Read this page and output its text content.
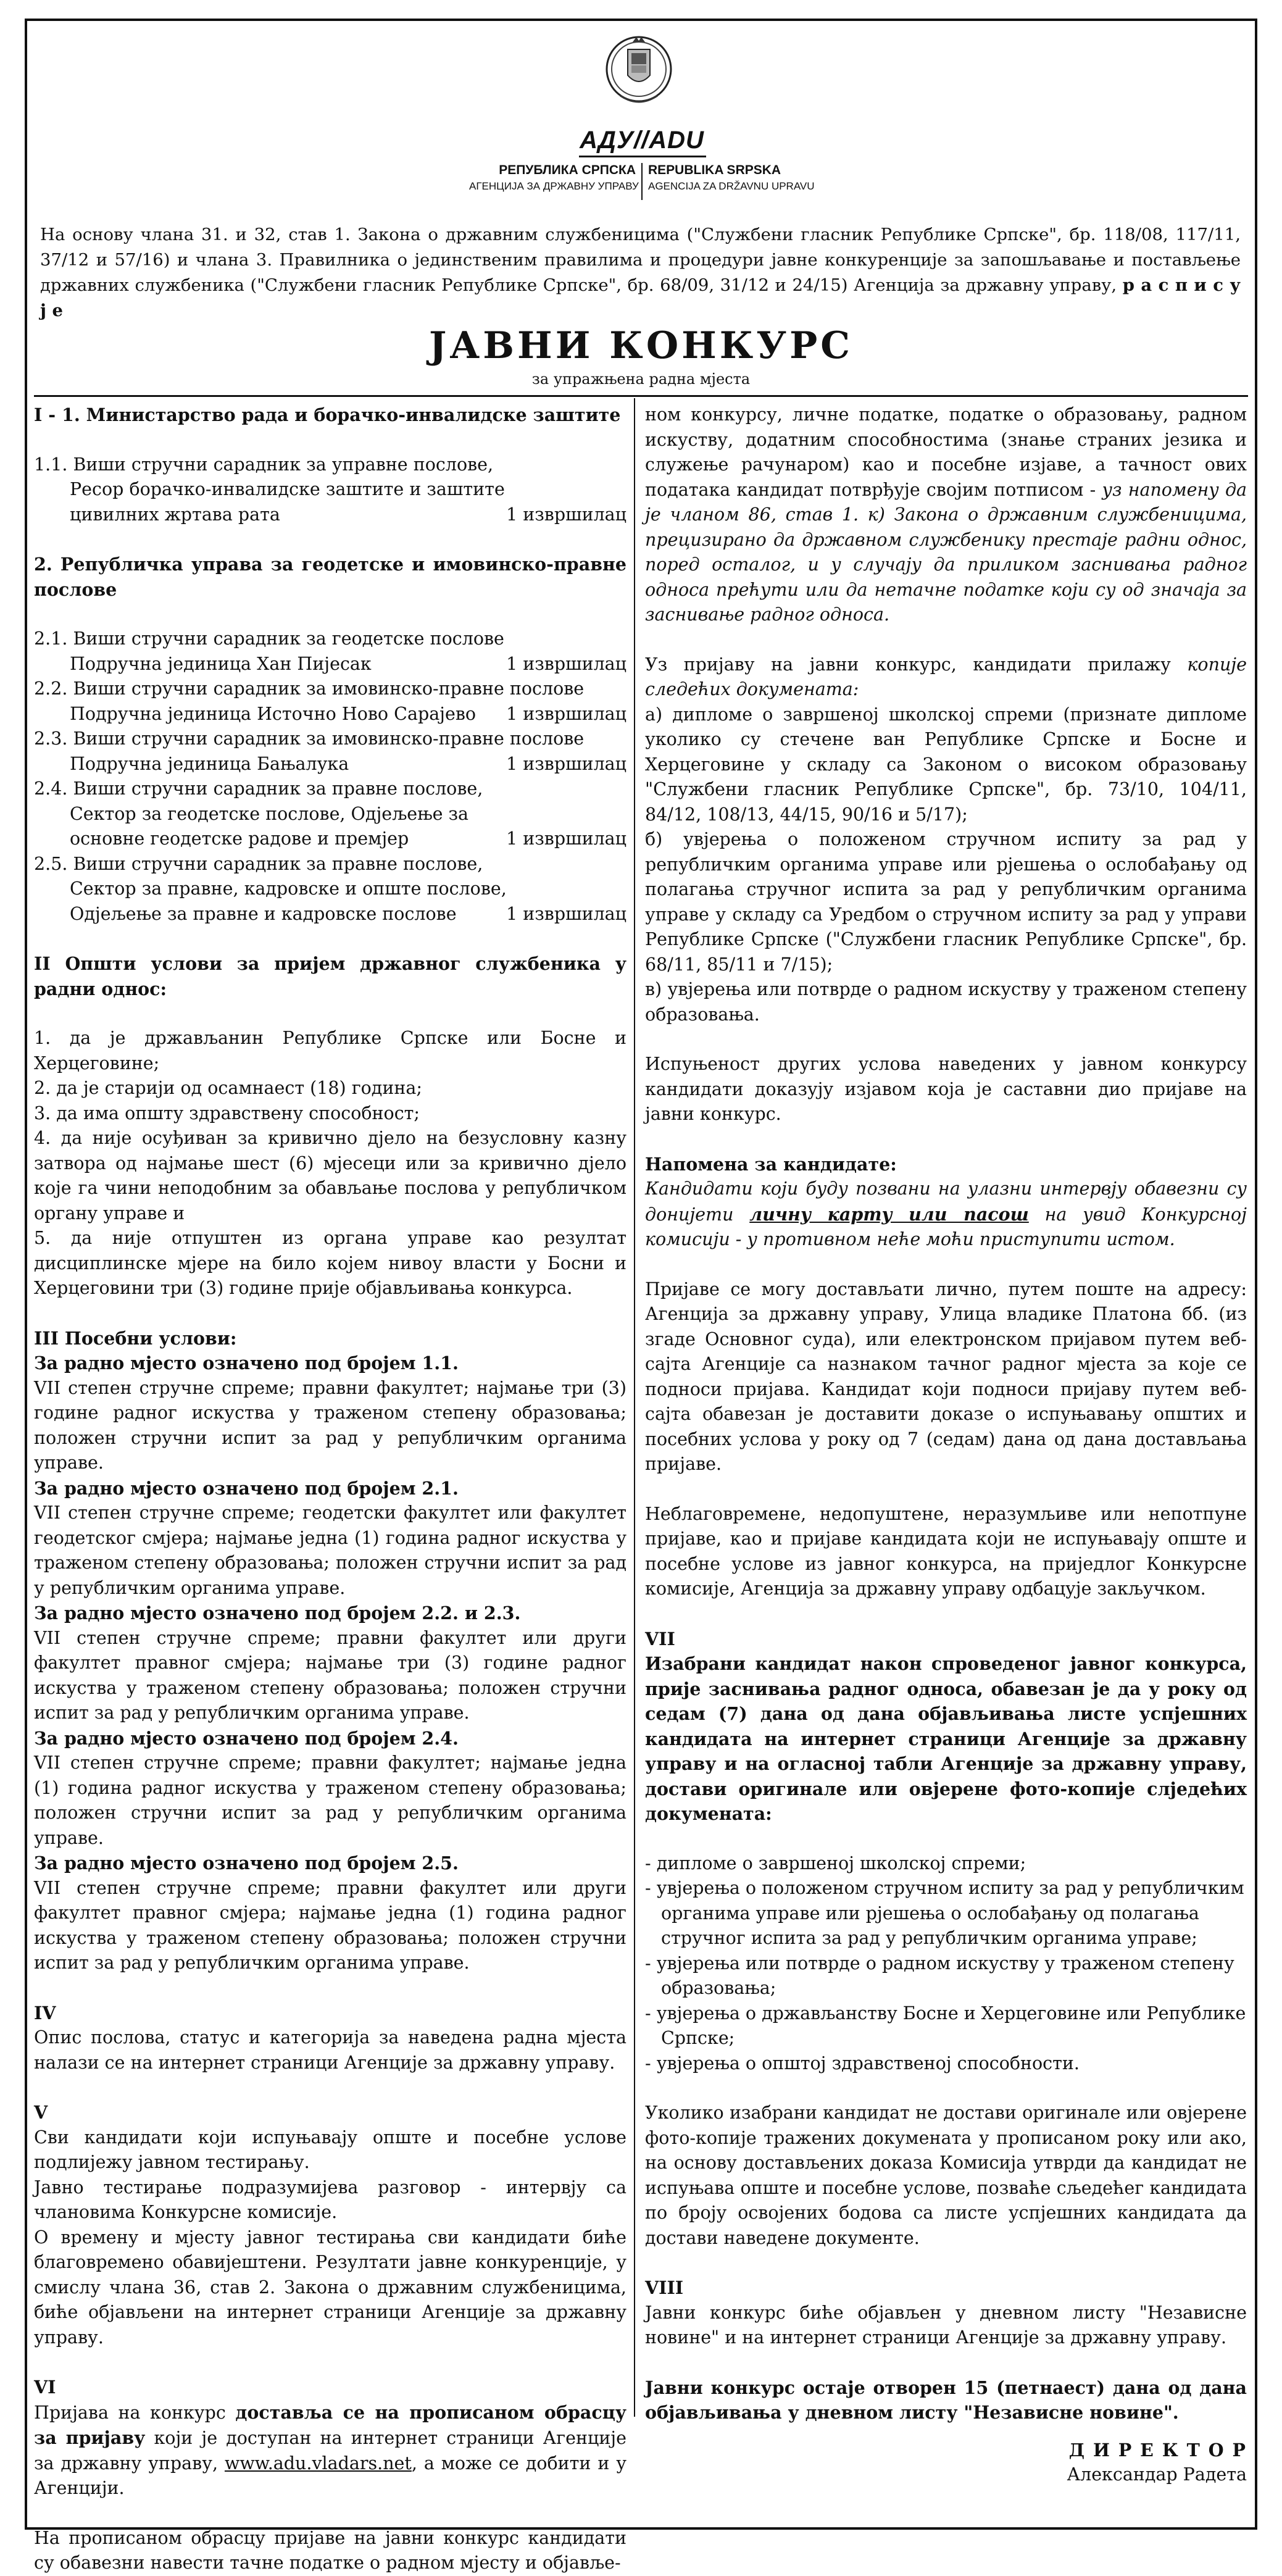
AДУ//ADU
РЕПУБЛИКА СРПСКА
АГЕНЦИЈА ЗА ДРЖАВНУ УПРАВУ
REPUBLIKA SRPSKA
AGENCIJA ZA DRŽAVNU UPRAVU
На основу члана 31. и 32, став 1. Закона о државним службеницима ("Службени гласник Републике Српске", бр. 118/08, 117/11, 37/12 и 57/16) и члана 3. Правилника о јединственим правилима и процедури јавне конкуренције за запошљавање и постављење државних службеника ("Службени гласник Републике Српске", бр. 68/09, 31/12 и 24/15) Агенција за државну управу, р а с п и с у ј е
ЈАВНИ КОНКУРС
за упражњена радна мјеста

I - 1. Министарство рада и борачко-инвалидске заштите

1.1. Виши стручни сарадник за управне послове,

Ресор борачко-инвалидске заштите и заштите

цивилних жртава рата	1 извршилац

2. Републичка управа за геодетске и имовинско-правне послове

2.1. Виши стручни сарадник за геодетске послове

Подручна јединица Хан Пијесак	1 извршилац

2.2. Виши стручни сарадник за имовинско-правне послове

Подручна јединица Источно Ново Сарајево 1 извршилац

2.3. Виши стручни сарадник за имовинско-правне послове

Подручна јединица Бањалука	1 извршилац

2.4. Виши стручни сарадник за правне послове,

Сектор за геодетске послове, Одјељење за

основне геодетске радове и премјер	1 извршилац

2.5. Виши стручни сарадник за правне послове,

Сектор за правне, кадровске и опште послове,

Одјељење за правне и кадровске послове	1 извршилац

II Општи услови за пријем државног службеника у радни однос:

1. да је држављанин Републике Српске или Босне и Херцеговине;

2. да је старији од осамнаест (18) година;

3. да има општу здравствену способност;

4. да није осуђиван за кривично дјело на безусловну казну затвора од најмање шест (6) мјесеци или за кривично дјело које га чини неподобним за обављање послова у републичком органу управе и

5. да није отпуштен из органа управе као резултат дисциплинске мјере на било којем нивоу власти у Босни и Херцеговини три (3) године прије објављивања конкурса.

III Посебни услови:

За радно мјесто означено под бројем 1.1.

VII степен стручне спреме; правни факултет; најмање три (3) године радног искуства у траженом степену образовања; положен стручни испит за рад у републичким органима управе.

За радно мјесто означено под бројем 2.1.

VII степен стручне спреме; геодетски факултет или факултет геодетског смјера; најмање једна (1) година радног искуства у траженом степену образовања; положен стручни испит за рад у републичким органима управе.

За радно мјесто означено под бројем 2.2. и 2.3.

VII степен стручне спреме; правни факултет или други факултет правног смјера; најмање три (3) године радног искуства у траженом степену образовања; положен стручни испит за рад у републичким органима управе.

За радно мјесто означено под бројем 2.4.

VII степен стручне спреме; правни факултет; најмање једна (1) година радног искуства у траженом степену образовања; положен стручни испит за рад у републичким органима управе.

За радно мјесто означено под бројем 2.5.

VII степен стручне спреме; правни факултет или други факултет правног смјера; најмање једна (1) година радног искуства у траженом степену образовања; положен стручни испит за рад у републичким органима управе.

IV

Опис послова, статус и категорија за наведена радна мјеста налази се на интернет страници Агенције за државну управу.

V

Сви кандидати који испуњавају опште и посебне услове подлијежу јавном тестирању.

Јавно тестирање подразумијева разговор - интервју са члановима Конкурсне комисије.

О времену и мјесту јавног тестирања сви кандидати биће благовремено обавијештени. Резултати јавне конкуренције, у смислу члана 36, став 2. Закона о државним службеницима, биће објављени на интернет страници Агенције за државну управу.

VI

Пријава на конкурс доставља се на прописаном обрасцу за пријаву који је доступан на интернет страници Агенције за државну управу, www.adu.vladars.net, а може се добити и у Агенцији.

На прописаном обрасцу пријаве на јавни конкурс кандидати су обавезни навести тачне податке о радном мјесту и објавље-

ном конкурсу, личне податке, податке о образовању, радном искуству, додатним способностима (знање страних језика и служење рачунаром) као и посебне изјаве, а тачност ових података кандидат потврђује својим потписом - уз напомену да је чланом 86, став 1. к) Закона о државним службеницима, прецизирано да државном службенику престаје радни однос, поред осталог, и у случају да приликом заснивања радног односа прећути или да нетачне податке који су од значаја за заснивање радног односа.

Уз пријаву на јавни конкурс, кандидати прилажу копије следећих докумената:

а) дипломе о завршеној школској спреми (признате дипломе уколико су стечене ван Републике Српске и Босне и Херцеговине у складу са Законом о високом образовању "Службени гласник Републике Српске", бр. 73/10, 104/11, 84/12, 108/13, 44/15, 90/16 и 5/17);

б) увјерења о положеном стручном испиту за рад у републичким органима управе или рјешења о ослобађању од полагања стручног испита за рад у републичким органима управе у складу са Уредбом о стручном испиту за рад у управи Републике Српске ("Службени гласник Републике Српске", бр. 68/11, 85/11 и 7/15);

в) увјерења или потврде о радном искуству у траженом степену образовања.

Испуњеност других услова наведених у јавном конкурсу кандидати доказују изјавом која је саставни дио пријаве на јавни конкурс.

Напомена за кандидате:

Кандидати који буду позвани на улазни интервју обавезни су донијети личну карту или пасош на увид Конкурсној комисији - у противном неће моћи приступити истом.

Пријаве се могу достављати лично, путем поште на адресу: Агенција за државну управу, Улица владике Платона бб. (из згаде Основног суда), или електронском пријавом путем веб-сајта Агенције са назнаком тачног радног мјеста за које се подноси пријава. Кандидат који подноси пријаву путем веб-сајта обавезан је доставити доказе о испуњавању општих и посебних услова у року од 7 (седам) дана од дана достављања пријаве.

Неблаговремене, недопуштене, неразумљиве или непотпуне пријаве, као и пријаве кандидата који не испуњавају опште и посебне услове из јавног конкурса, на приједлог Конкурсне комисије, Агенција за државну управу одбацује закључком.

VII

Изабрани кандидат након спроведеног јавног конкурса, прије заснивања радног односа, обавезан је да у року од седам (7) дана од дана објављивања листе успјешних кандидата на интернет страници Агенције за државну управу и на огласној табли Агенције за државну управу, достави оригинале или овјерене фото-копије слједећих докумената:

- дипломе о завршеној школској спреми;

- увјерења о положеном стручном испиту за рад у републичким органима управе или рјешења о ослобађању од полагања стручног испита за рад у републичким органима управе;

- увјерења или потврде о радном искуству у траженом степену образовања;

- увјерења о држављанству Босне и Херцеговине или Републике Српске;

- увјерења о општој здравственој способности.

Уколико изабрани кандидат не достави оригинале или овјерене фото-копије тражених докумената у прописаном року или ако, на основу достављених доказа Комисија утврди да кандидат не испуњава опште и посебне услове, позваће сљедећег кандидата по броју освојених бодова са листе успјешних кандидата да достави наведене документе.

VIII

Јавни конкурс биће објављен у дневном листу "Независне новине" и на интернет страници Агенције за државну управу.

Јавни конкурс остаје отворен 15 (петнаест) дана од дана објављивања у дневном листу "Независне новине".

Д И Р Е К Т О Р

Александар Радета
